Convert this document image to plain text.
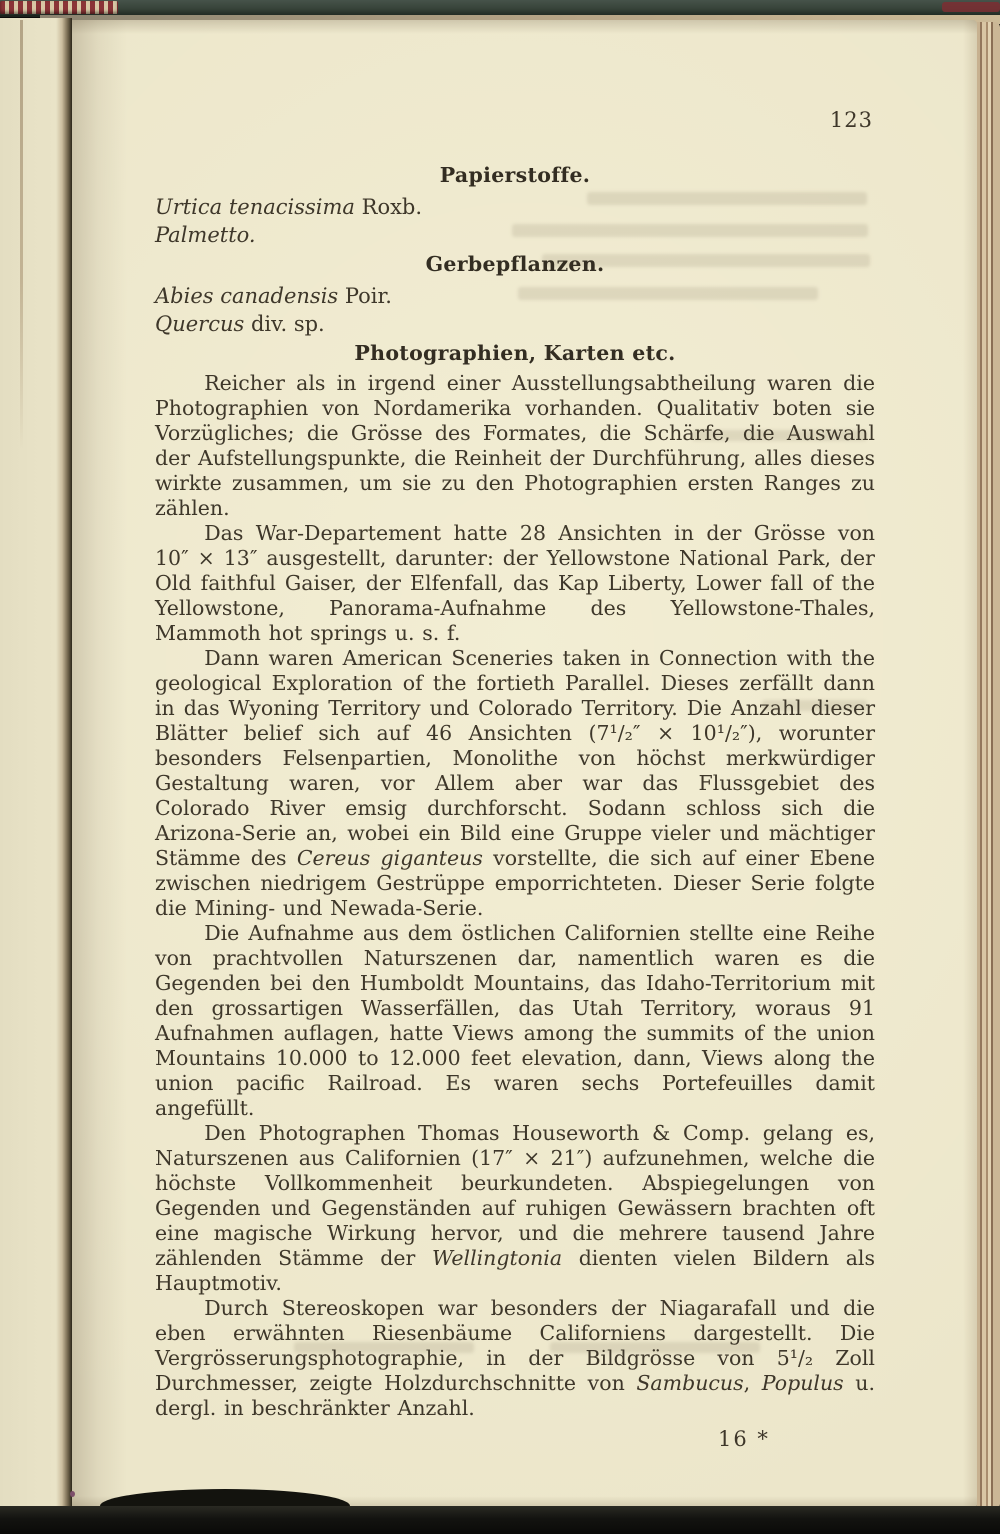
123
Papierstoffe.

Urtica tenacissima Roxb.

Palmetto.

Gerbepflanzen.

Abies canadensis Poir.

Quercus div. sp.

Photographien, Karten etc.

Reicher als in irgend einer Ausstellungsabtheilung waren die Photographien von Nordamerika vorhanden. Qualitativ boten sie Vorzügliches; die Grösse des Formates, die Schärfe, die Auswahl der Aufstellungspunkte, die Reinheit der Durchführung, alles dieses wirkte zusammen, um sie zu den Photographien ersten Ranges zu zählen.

Das War-Departement hatte 28 Ansichten in der Grösse von 10″ × 13″ ausgestellt, darunter: der Yellowstone National Park, der Old faithful Gaiser, der Elfenfall, das Kap Liberty, Lower fall of the Yellowstone, Panorama-Aufnahme des Yellowstone-Thales, Mammoth hot springs u. s. f.

Dann waren American Sceneries taken in Connection with the geological Exploration of the fortieth Parallel. Dieses zerfällt dann in das Wyoning Territory und Colorado Territory. Die Anzahl dieser Blätter belief sich auf 46 Ansichten (7¹/₂″ × 10¹/₂″), worunter besonders Felsenpartien, Monolithe von höchst merkwürdiger Gestaltung waren, vor Allem aber war das Flussgebiet des Colorado River emsig durchforscht. Sodann schloss sich die Arizona-Serie an, wobei ein Bild eine Gruppe vieler und mächtiger Stämme des Cereus giganteus vorstellte, die sich auf einer Ebene zwischen niedrigem Gestrüppe emporrichteten. Dieser Serie folgte die Mining- und Newada-Serie.

Die Aufnahme aus dem östlichen Californien stellte eine Reihe von prachtvollen Naturszenen dar, namentlich waren es die Gegenden bei den Humboldt Mountains, das Idaho-Territorium mit den grossartigen Wasserfällen, das Utah Territory, woraus 91 Aufnahmen auflagen, hatte Views among the summits of the union Mountains 10.000 to 12.000 feet elevation, dann, Views along the union pacific Railroad. Es waren sechs Portefeuilles damit angefüllt.

Den Photographen Thomas Houseworth & Comp. gelang es, Naturszenen aus Californien (17″ × 21″) aufzunehmen, welche die höchste Vollkommenheit beurkundeten. Abspiegelungen von Gegenden und Gegenständen auf ruhigen Gewässern brachten oft eine magische Wirkung hervor, und die mehrere tausend Jahre zählenden Stämme der Wellingtonia dienten vielen Bildern als Hauptmotiv.

Durch Stereoskopen war besonders der Niagarafall und die eben erwähnten Riesenbäume Californiens dargestellt. Die Vergrösserungsphotographie, in der Bildgrösse von 5¹/₂ Zoll Durchmesser, zeigte Holzdurchschnitte von Sambucus, Populus u. dergl. in beschränkter Anzahl.

16 *
